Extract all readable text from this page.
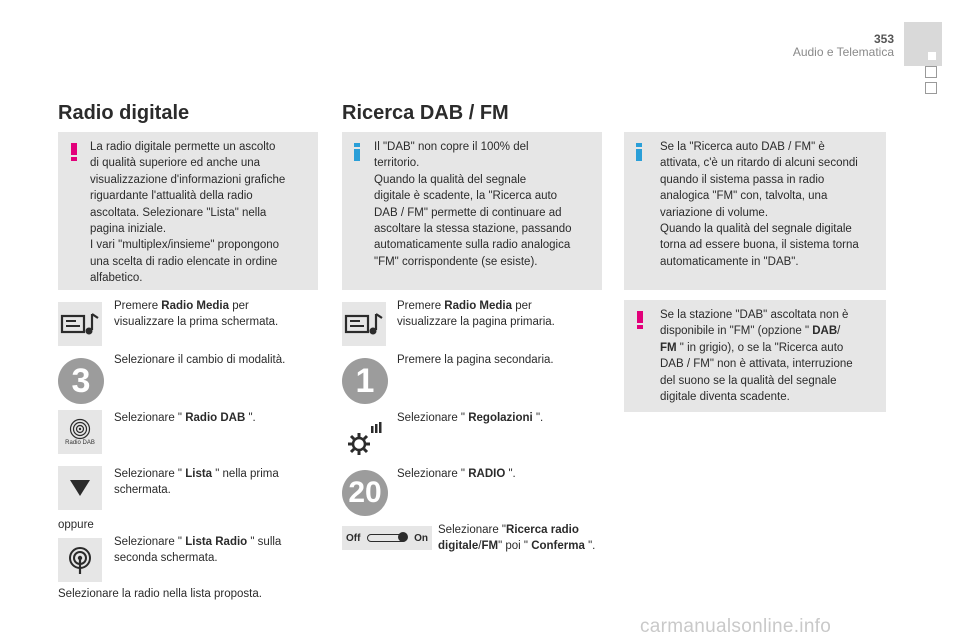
353
Audio e Telematica
Radio digitale
La radio digitale permette un ascolto
di qualità superiore ed anche una
visualizzazione d'informazioni grafiche
riguardante l'attualità della radio
ascoltata. Selezionare "Lista" nella
pagina iniziale.
I vari "multiplex/insieme" propongono
una scelta di radio elencate in ordine
alfabetico.
Premere Radio Media per
visualizzare la prima schermata.
3
Selezionare il cambio di modalità.
Radio DAB
Selezionare " Radio DAB ".
Selezionare " Lista " nella prima
schermata.
oppure
Selezionare " Lista Radio " sulla
seconda schermata.
Selezionare la radio nella lista proposta.
Ricerca DAB / FM
Il "DAB" non copre il 100% del
territorio.
Quando la qualità del segnale
digitale è scadente, la "Ricerca auto
DAB / FM" permette di continuare ad
ascoltare la stessa stazione, passando
automaticamente sulla radio analogica
"FM" corrispondente (se esiste).
Premere Radio Media per
visualizzare la pagina primaria.
1
Premere la pagina secondaria.
Selezionare " Regolazioni ".
20
Selezionare " RADIO ".
Off	On
Selezionare "Ricerca radio
digitale/FM" poi " Conferma ".
Se la "Ricerca auto DAB / FM" è
attivata, c'è un ritardo di alcuni secondi
quando il sistema passa in radio
analogica "FM" con, talvolta, una
variazione di volume.
Quando la qualità del segnale digitale
torna ad essere buona, il sistema torna
automaticamente in "DAB".
Se la stazione "DAB" ascoltata non è
disponibile in "FM" (opzione " DAB/
FM " in grigio), o se la "Ricerca auto
DAB / FM" non è attivata, interruzione
del suono se la qualità del segnale
digitale diventa scadente.
carmanualsonline.info
